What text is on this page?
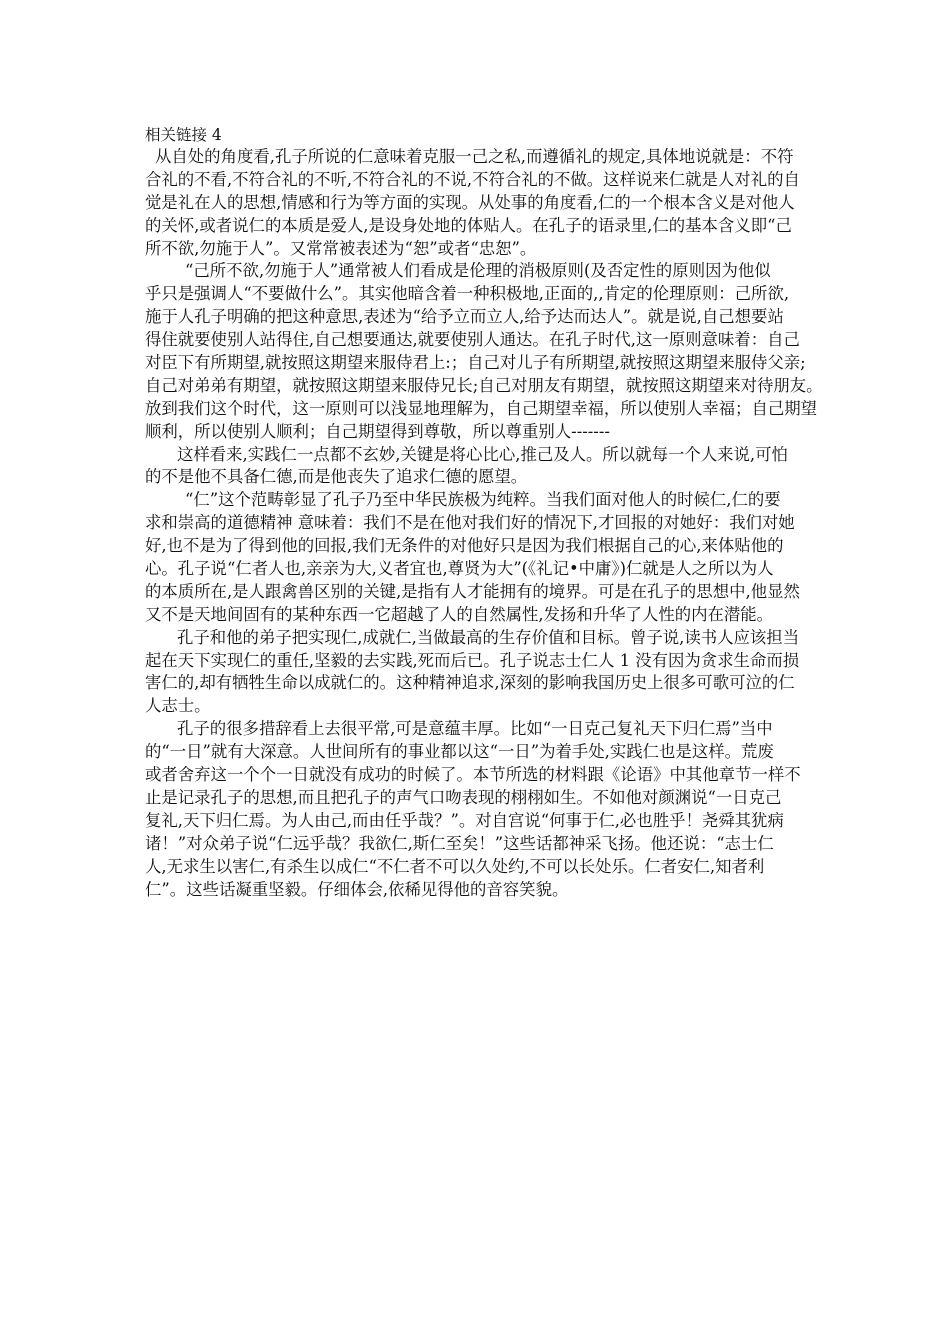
相关链接 4
从自处的角度看,孔子所说的仁意味着克服一己之私,而遵循礼的规定,具体地说就是：不符
合礼的不看,不符合礼的不听,不符合礼的不说,不符合礼的不做。这样说来仁就是人对礼的自
觉是礼在人的思想,情感和行为等方面的实现。从处事的角度看,仁的一个根本含义是对他人
的关怀,或者说仁的本质是爱人,是设身处地的体贴人。在孔子的语录里,仁的基本含义即“己
所不欲,勿施于人”。又常常被表述为“恕”或者“忠恕”。
“己所不欲,勿施于人”通常被人们看成是伦理的消极原则(及否定性的原则因为他似
乎只是强调人“不要做什么”。其实他暗含着一种积极地,正面的,,肯定的伦理原则：己所欲,
施于人孔子明确的把这种意思,表述为“给予立而立人,给予达而达人”。就是说,自己想要站
得住就要使别人站得住,自己想要通达,就要使别人通达。在孔子时代,这一原则意味着：自己
对臣下有所期望,就按照这期望来服侍君上:；自己对儿子有所期望,就按照这期望来服侍父亲;
自己对弟弟有期望，就按照这期望来服侍兄长;自己对朋友有期望，就按照这期望来对待朋友。
放到我们这个时代，这一原则可以浅显地理解为，自己期望幸福，所以使别人幸福；自己期望
顺利，所以使别人顺利；自己期望得到尊敬，所以尊重别人-------
这样看来,实践仁一点都不玄妙,关键是将心比心,推己及人。所以就每一个人来说,可怕
的不是他不具备仁德,而是他丧失了追求仁德的愿望。
“仁”这个范畴彰显了孔子乃至中华民族极为纯粹。当我们面对他人的时候仁,仁的要
求和崇高的道德精神 意味着：我们不是在他对我们好的情况下,才回报的对她好：我们对她
好,也不是为了得到他的回报,我们无条件的对他好只是因为我们根据自己的心,来体贴他的
心。孔子说“仁者人也,亲亲为大,义者宜也,尊贤为大”(《礼记•中庸》)仁就是人之所以为人
的本质所在,是人跟禽兽区别的关键,是指有人才能拥有的境界。可是在孔子的思想中,他显然
又不是天地间固有的某种东西一它超越了人的自然属性,发扬和升华了人性的内在潜能。
孔子和他的弟子把实现仁,成就仁,当做最高的生存价值和目标。曾子说,读书人应该担当
起在天下实现仁的重任,坚毅的去实践,死而后已。孔子说志士仁人 1 没有因为贪求生命而损
害仁的,却有牺牲生命以成就仁的。这种精神追求,深刻的影响我国历史上很多可歌可泣的仁
人志士。
孔子的很多措辞看上去很平常,可是意蕴丰厚。比如“一日克己复礼天下归仁焉”当中
的“一日”就有大深意。人世间所有的事业都以这“一日”为着手处,实践仁也是这样。荒废
或者舍弃这一个个一日就没有成功的时候了。本节所选的材料跟《论语》中其他章节一样不
止是记录孔子的思想,而且把孔子的声气口吻表现的栩栩如生。不如他对颜渊说“一日克己
复礼,天下归仁焉。为人由己,而由任乎哉？”。对自宫说“何事于仁,必也胜乎！尧舜其犹病
诸！”对众弟子说“仁远乎哉？我欲仁,斯仁至矣！”这些话都神采飞扬。他还说：“志士仁
人,无求生以害仁,有杀生以成仁“不仁者不可以久处约,不可以长处乐。仁者安仁,知者利
仁”。这些话凝重坚毅。仔细体会,依稀见得他的音容笑貌。
